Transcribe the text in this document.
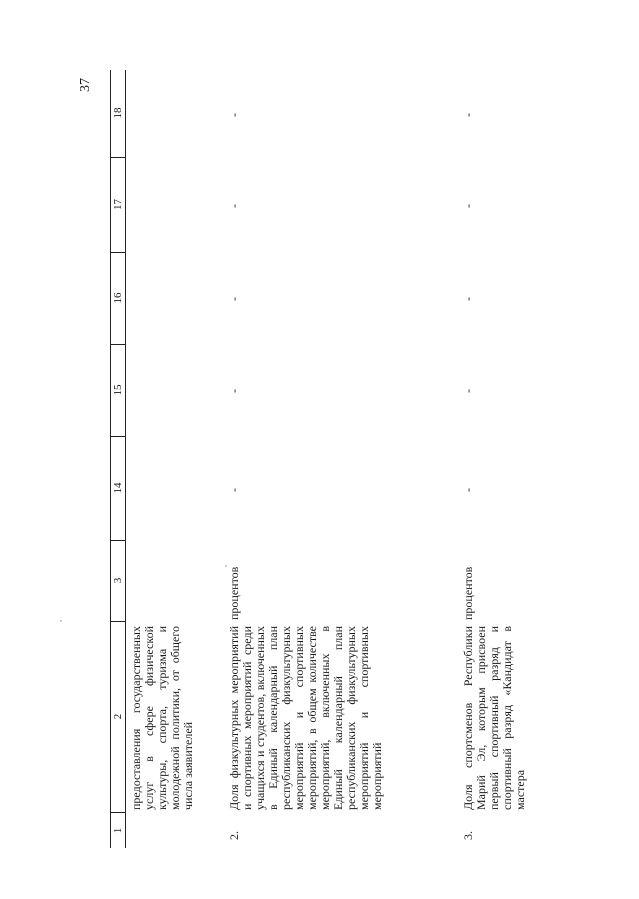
37
1
2
3
14
15
16
17
18
предоставления государственных услуг в сфере физической культуры, спорта, туризма и молодежной политики, от общего числа заявителей
2.
Доля физкультурных мероприятий и спортивных мероприятий среди учащихся и студентов, включенных в Единый календарный план республиканских физкультурных мероприятий и спортивных мероприятий, в общем количестве мероприятий, включенных в Единый календарный план республиканских физкультурных мероприятий и спортивных мероприятий
процентов
-
-
-
-
-
3.
Доля спортсменов Республики Марий Эл, которым присвоен первый спортивный разряд и спортивный разряд «Кандидат в мастера
процентов
-
-
-
-
-
